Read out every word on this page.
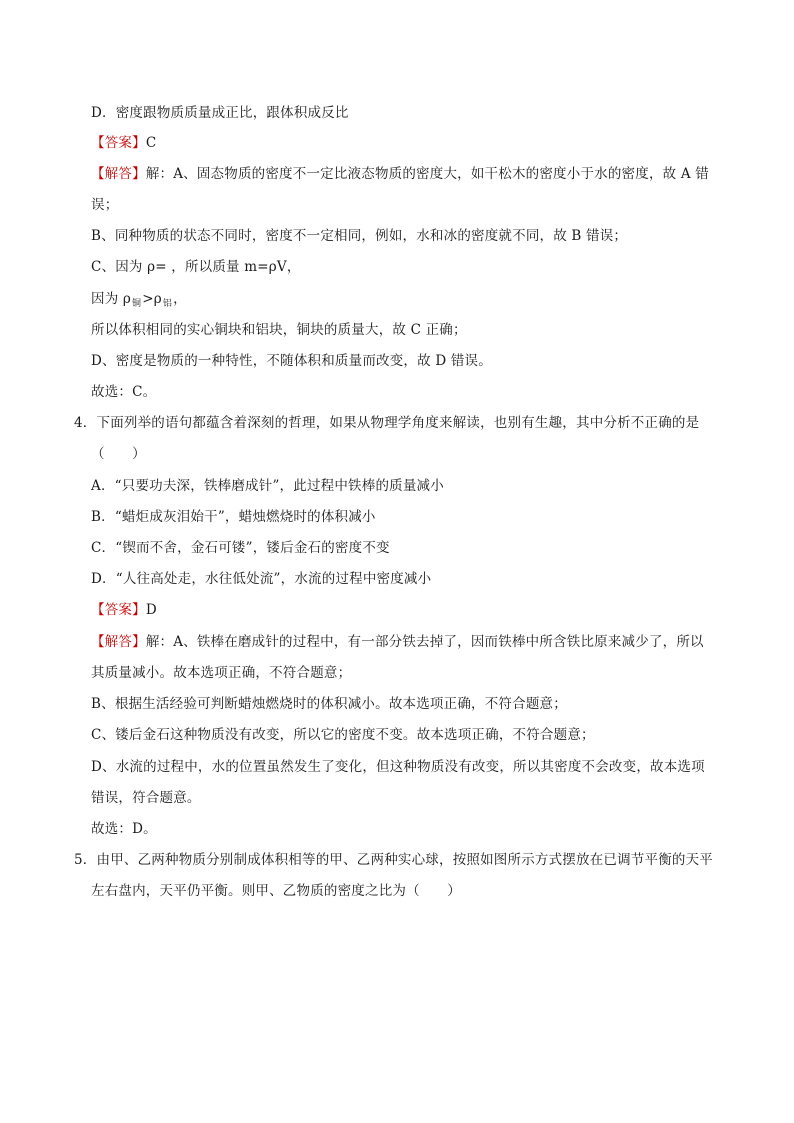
D．密度跟物质质量成正比，跟体积成反比
【答案】C
【解答】解：A、固态物质的密度不一定比液态物质的密度大，如干松木的密度小于水的密度，故 A 错
误；
B、同种物质的状态不同时，密度不一定相同，例如，水和冰的密度就不同，故 B 错误；
C、因为 ρ= ，所以质量 m=ρV，
因为 $\rho_铜>\rho_铝$，
所以体积相同的实心铜块和铝块，铜块的质量大，故 C 正确；
D、密度是物质的一种特性，不随体积和质量而改变，故 D 错误。
故选：C。
4．下面列举的语句都蕴含着深刻的哲理，如果从物理学角度来解读，也别有生趣，其中分析不正确的是
（　　）
A．“只要功夫深，铁棒磨成针”，此过程中铁棒的质量减小
B．“蜡炬成灰泪始干”，蜡烛燃烧时的体积减小
C．“锲而不舍，金石可镂”，镂后金石的密度不变
D．“人往高处走，水往低处流”，水流的过程中密度减小
【答案】D
【解答】解：A、铁棒在磨成针的过程中，有一部分铁去掉了，因而铁棒中所含铁比原来减少了，所以
其质量减小。故本选项正确，不符合题意；
B、根据生活经验可判断蜡烛燃烧时的体积减小。故本选项正确，不符合题意；
C、镂后金石这种物质没有改变，所以它的密度不变。故本选项正确，不符合题意；
D、水流的过程中，水的位置虽然发生了变化，但这种物质没有改变，所以其密度不会改变，故本选项
错误，符合题意。
故选：D。
5．由甲、乙两种物质分别制成体积相等的甲、乙两种实心球，按照如图所示方式摆放在已调节平衡的天平
左右盘内，天平仍平衡。则甲、乙物质的密度之比为（　　）
